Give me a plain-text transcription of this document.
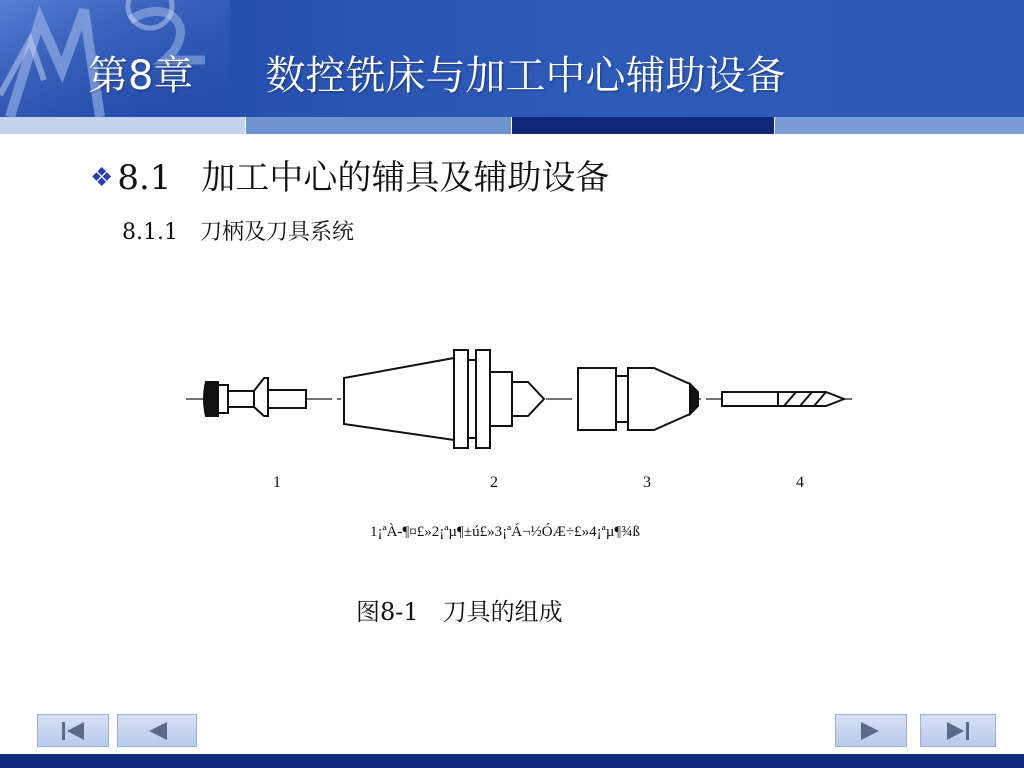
第8章 数控铣床与加工中心辅助设备
❖ 8.1 加工中心的辅具及辅助设备
8.1.1 刀柄及刀具系统
1	2	3	4
1¡ªÀ-¶¤£»2¡ªµ¶±ú£»3¡ªÁ¬½ÓÆ÷£»4¡ªµ¶¾ß
图8-1 刀具的组成
